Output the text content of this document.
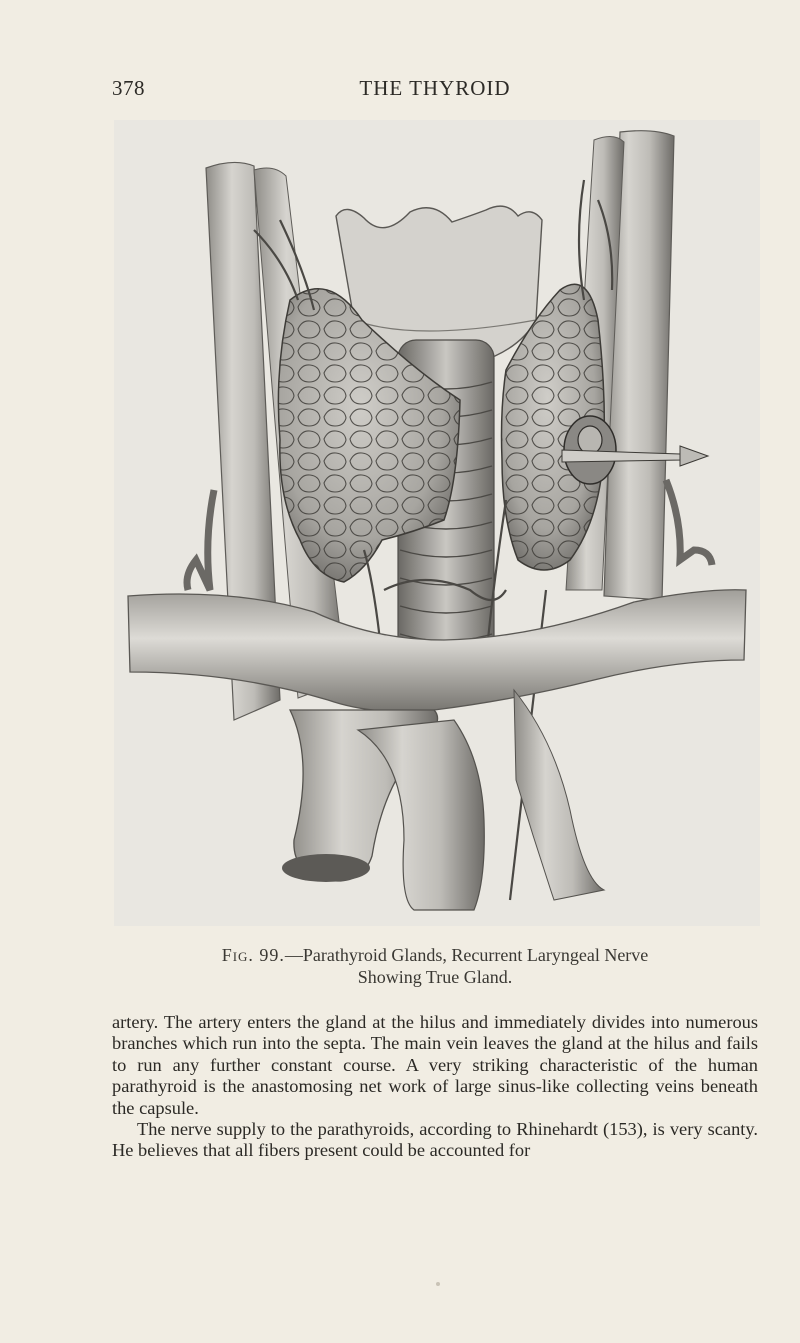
378	THE THYROID
Fig. 99.—Parathyroid Glands, Recurrent Laryngeal Nerve
Showing True Gland.

artery. The artery enters the gland at the hilus and immediately divides into numerous branches which run into the septa. The main vein leaves the gland at the hilus and fails to run any further constant course. A very striking characteristic of the human parathyroid is the anastomosing net work of large sinus-like collecting veins beneath the capsule.

The nerve supply to the parathyroids, according to Rhinehardt (153), is very scanty. He believes that all fibers present could be accounted for
